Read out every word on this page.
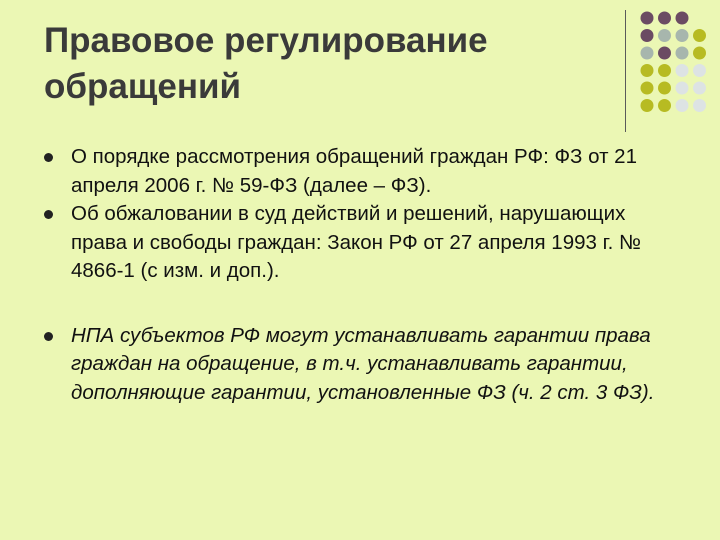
Правовое регулирование
обращений
О порядке рассмотрения обращений граждан РФ: ФЗ от 21 апреля 2006 г. № 59-ФЗ (далее – ФЗ).
Об обжаловании в суд действий и решений, нарушающих права и свободы граждан: Закон РФ от 27 апреля 1993 г. № 4866-1 (с изм. и доп.).
НПА субъектов РФ могут устанавливать гарантии права граждан на обращение, в т.ч. устанавливать гарантии, дополняющие гарантии, установленные ФЗ (ч. 2 ст. 3 ФЗ).
